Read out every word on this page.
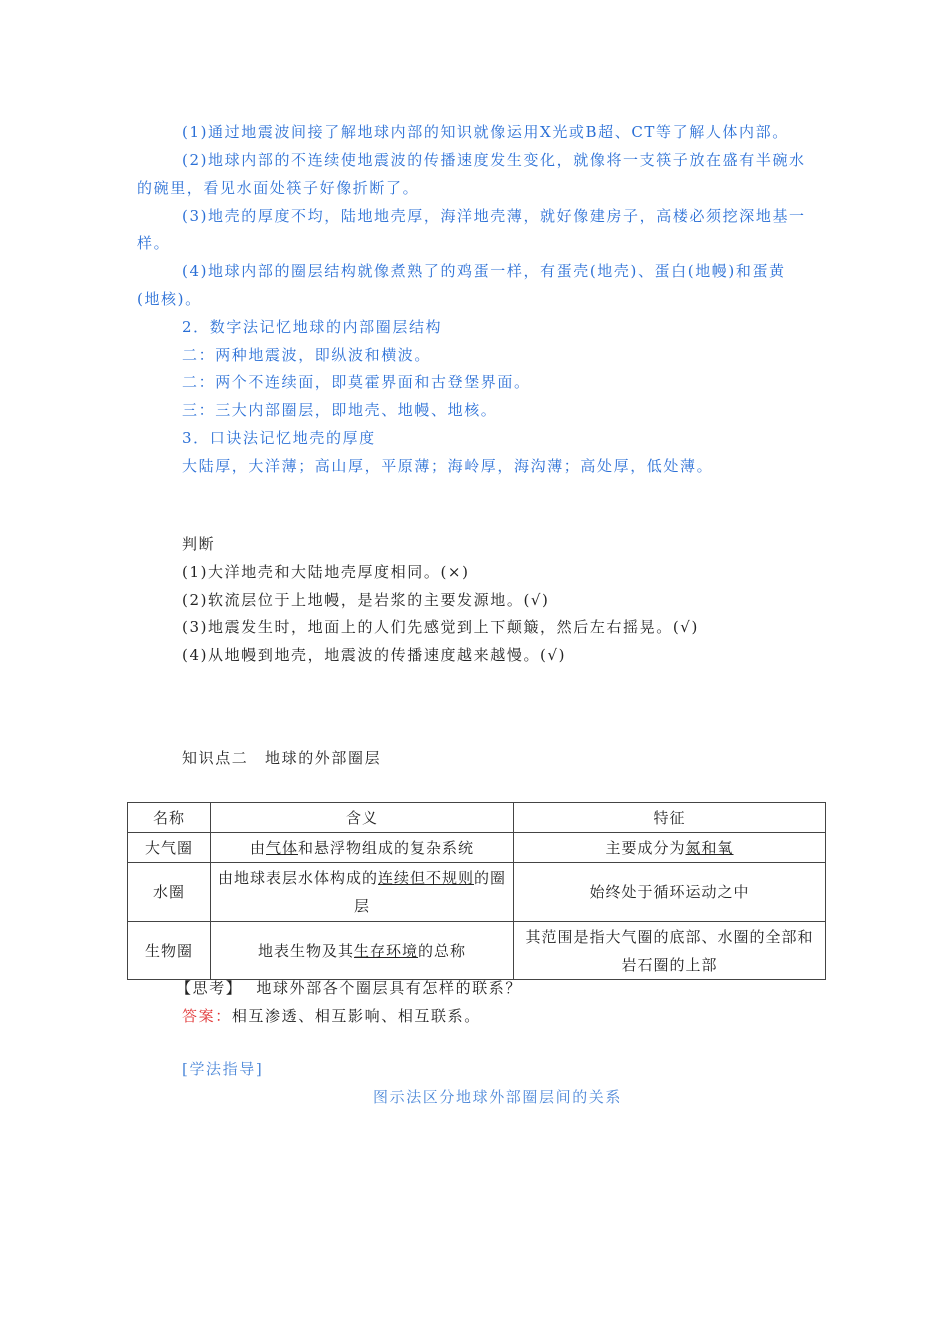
(1)通过地震波间接了解地球内部的知识就像运用X光或B超、CT等了解人体内部。
(2)地球内部的不连续使地震波的传播速度发生变化，就像将一支筷子放在盛有半碗水
的碗里，看见水面处筷子好像折断了。
(3)地壳的厚度不均，陆地地壳厚，海洋地壳薄，就好像建房子，高楼必须挖深地基一
样。
(4)地球内部的圈层结构就像煮熟了的鸡蛋一样，有蛋壳(地壳)、蛋白(地幔)和蛋黄
(地核)。
2．数字法记忆地球的内部圈层结构
二：两种地震波，即纵波和横波。
二：两个不连续面，即莫霍界面和古登堡界面。
三：三大内部圈层，即地壳、地幔、地核。
3．口诀法记忆地壳的厚度
大陆厚，大洋薄；高山厚，平原薄；海岭厚，海沟薄；高处厚，低处薄。
判断
(1)大洋地壳和大陆地壳厚度相同。(×)
(2)软流层位于上地幔，是岩浆的主要发源地。(√)
(3)地震发生时，地面上的人们先感觉到上下颠簸，然后左右摇晃。(√)
(4)从地幔到地壳，地震波的传播速度越来越慢。(√)
知识点二　地球的外部圈层
名称	含义	特征
大气圈	由气体和悬浮物组成的复杂系统	主要成分为氮和氧
水圈	由地球表层水体构成的连续但不规则的圈层	始终处于循环运动之中
生物圈	地表生物及其生存环境的总称	其范围是指大气圈的底部、水圈的全部和岩石圈的上部
【思考】 地球外部各个圈层具有怎样的联系？
答案：相互渗透、相互影响、相互联系。
[学法指导]
图示法区分地球外部圈层间的关系
